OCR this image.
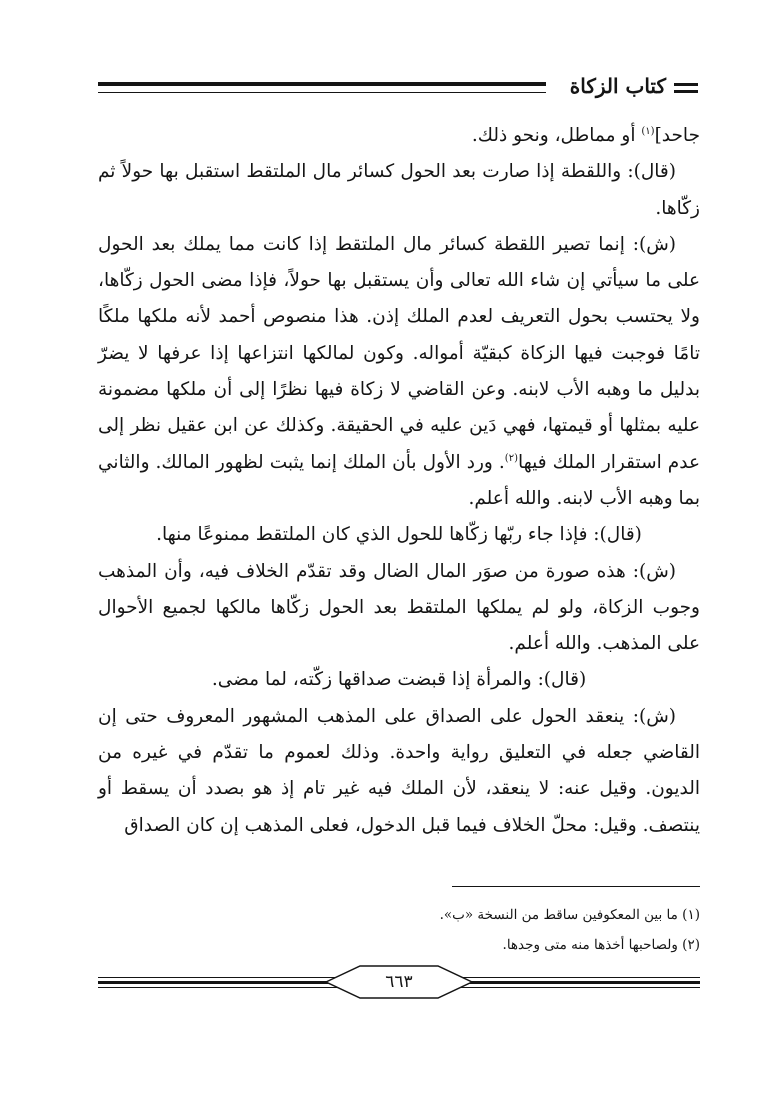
كتاب الزكاة

جاحد]$^{(١)}$ أو مماطل، ونحو ذلك.

(قال): واللقطة إذا صارت بعد الحول كسائر مال الملتقط استقبل بها حولاً ثم زكّاها.

(ش): إنما تصير اللقطة كسائر مال الملتقط إذا كانت مما يملك بعد الحول على ما سيأتي إن شاء الله تعالى وأن يستقبل بها حولاً، فإذا مضى الحول زكّاها، ولا يحتسب بحول التعريف لعدم الملك إذن. هذا منصوص أحمد لأنه ملكها ملكًا تامًا فوجبت فيها الزكاة كبقيّة أمواله. وكون لمالكها انتزاعها إذا عرفها لا يضرّ بدليل ما وهبه الأب لابنه. وعن القاضي لا زكاة فيها نظرًا إلى أن ملكها مضمونة عليه بمثلها أو قيمتها، فهي دَين عليه في الحقيقة. وكذلك عن ابن عقيل نظر إلى عدم استقرار الملك فيها$^{(٢)}$. ورد الأول بأن الملك إنما يثبت لظهور المالك. والثاني بما وهبه الأب لابنه. والله أعلم.

(قال): فإذا جاء ربّها زكّاها للحول الذي كان الملتقط ممنوعًا منها.

(ش): هذه صورة من صوَر المال الضال وقد تقدّم الخلاف فيه، وأن المذهب وجوب الزكاة، ولو لم يملكها الملتقط بعد الحول زكّاها مالكها لجميع الأحوال على المذهب. والله أعلم.

(قال): والمرأة إذا قبضت صداقها زكّته، لما مضى.

(ش): ينعقد الحول على الصداق على المذهب المشهور المعروف حتى إن القاضي جعله في التعليق رواية واحدة. وذلك لعموم ما تقدّم في غيره من الديون. وقيل عنه: لا ينعقد، لأن الملك فيه غير تام إذ هو بصدد أن يسقط أو ينتصف. وقيل: محلّ الخلاف فيما قبل الدخول، فعلى المذهب إن كان الصداق

(١) ما بين المعكوفين ساقط من النسخة «ب».
(٢) ولصاحبها أخذها منه متى وجدها.
٦٦٣
